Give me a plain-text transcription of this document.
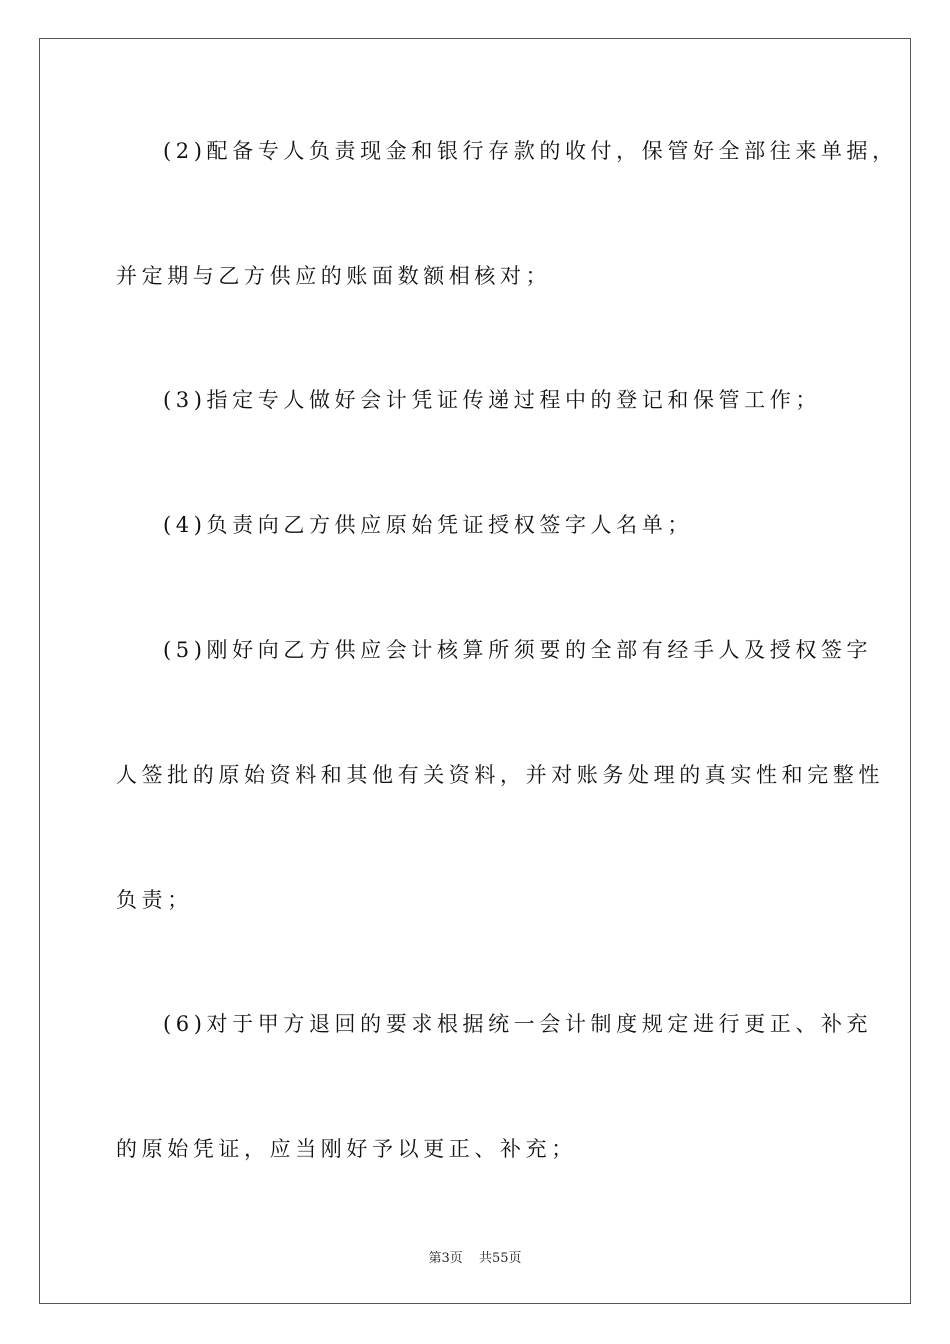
(2)配备专人负责现金和银行存款的收付，保管好全部往来单据，
并定期与乙方供应的账面数额相核对；
(3)指定专人做好会计凭证传递过程中的登记和保管工作；
(4)负责向乙方供应原始凭证授权签字人名单；
(5)刚好向乙方供应会计核算所须要的全部有经手人及授权签字
人签批的原始资料和其他有关资料，并对账务处理的真实性和完整性
负责；
(6)对于甲方退回的要求根据统一会计制度规定进行更正、补充
的原始凭证，应当刚好予以更正、补充；
第3页 共55页
